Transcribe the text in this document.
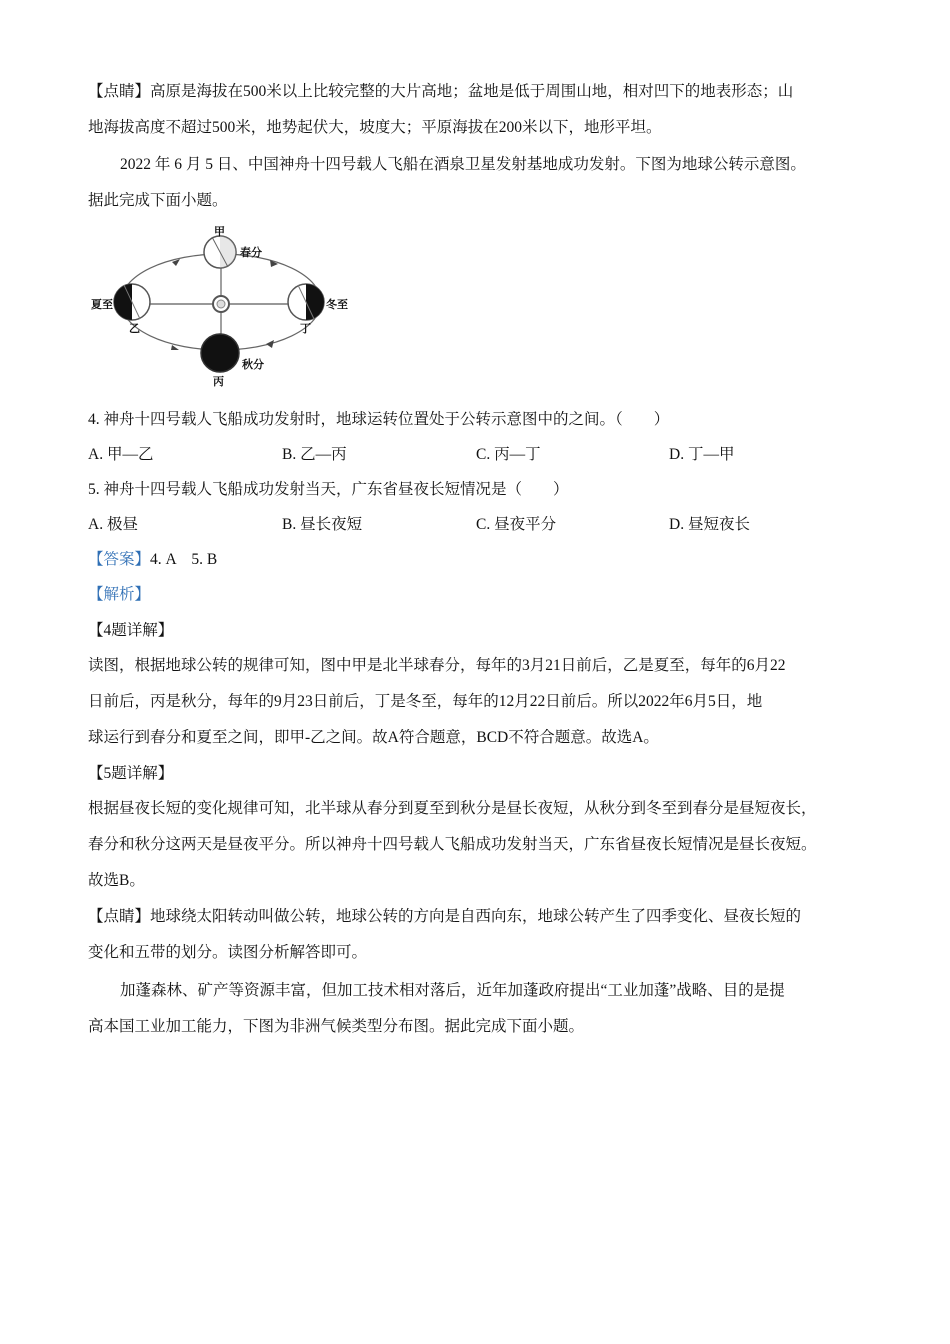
【点睛】高原是海拔在500米以上比较完整的大片高地；盆地是低于周围山地，相对凹下的地表形态；山
地海拔高度不超过500米，地势起伏大，坡度大；平原海拔在200米以下，地形平坦。
2022 年 6 月 5 日、中国神舟十四号载人飞船在酒泉卫星发射基地成功发射。下图为地球公转示意图。
据此完成下面小题。
甲
春分
夏至
乙
秋分
丙
冬至
丁
4. 神舟十四号载人飞船成功发射时，地球运转位置处于公转示意图中的之间。（　　）
A. 甲—乙	B. 乙—丙	C. 丙—丁	D. 丁—甲
5. 神舟十四号载人飞船成功发射当天，广东省昼夜长短情况是（　　）
A. 极昼	B. 昼长夜短	C. 昼夜平分	D. 昼短夜长
【答案】4. A　5. B
【解析】
【4题详解】
读图，根据地球公转的规律可知，图中甲是北半球春分，每年的3月21日前后，乙是夏至，每年的6月22
日前后，丙是秋分，每年的9月23日前后，丁是冬至，每年的12月22日前后。所以2022年6月5日，地
球运行到春分和夏至之间，即甲-乙之间。故A符合题意，BCD不符合题意。故选A。
【5题详解】
根据昼夜长短的变化规律可知，北半球从春分到夏至到秋分是昼长夜短，从秋分到冬至到春分是昼短夜长，
春分和秋分这两天是昼夜平分。所以神舟十四号载人飞船成功发射当天，广东省昼夜长短情况是昼长夜短。
故选B。
【点睛】地球绕太阳转动叫做公转，地球公转的方向是自西向东，地球公转产生了四季变化、昼夜长短的
变化和五带的划分。读图分析解答即可。
加蓬森林、矿产等资源丰富，但加工技术相对落后，近年加蓬政府提出“工业加蓬”战略、目的是提
高本国工业加工能力，下图为非洲气候类型分布图。据此完成下面小题。
